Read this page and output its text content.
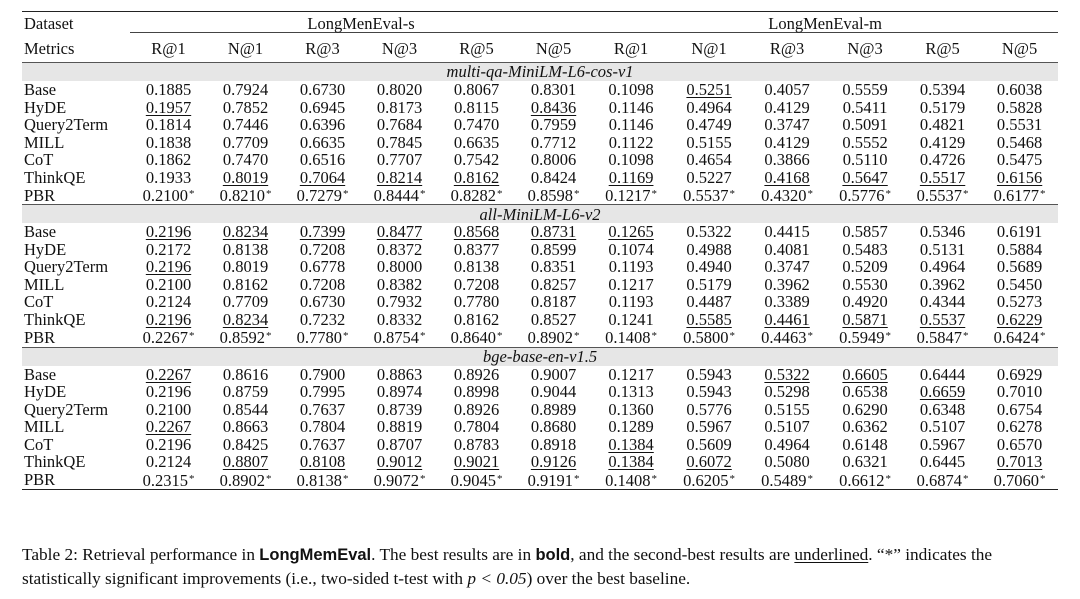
Dataset	LongMenEval-s						LongMenEval-m					
Metrics	R@1	N@1	R@3	N@3	R@5	N@5	R@1	N@1	R@3	N@3	R@5	N@5
multi-qa-MiniLM-L6-cos-v1												
Base	0.1885	0.7924	0.6730	0.8020	0.8067	0.8301	0.1098	0.5251	0.4057	0.5559	0.5394	0.6038
HyDE	0.1957	0.7852	0.6945	0.8173	0.8115	0.8436	0.1146	0.4964	0.4129	0.5411	0.5179	0.5828
Query2Term	0.1814	0.7446	0.6396	0.7684	0.7470	0.7959	0.1146	0.4749	0.3747	0.5091	0.4821	0.5531
MILL	0.1838	0.7709	0.6635	0.7845	0.6635	0.7712	0.1122	0.5155	0.4129	0.5552	0.4129	0.5468
CoT	0.1862	0.7470	0.6516	0.7707	0.7542	0.8006	0.1098	0.4654	0.3866	0.5110	0.4726	0.5475
ThinkQE	0.1933	0.8019	0.7064	0.8214	0.8162	0.8424	0.1169	0.5227	0.4168	0.5647	0.5517	0.6156
PBR	0.2100*	0.8210*	0.7279*	0.8444*	0.8282*	0.8598*	0.1217*	0.5537*	0.4320*	0.5776*	0.5537*	0.6177*
all-MiniLM-L6-v2												
Base	0.2196	0.8234	0.7399	0.8477	0.8568	0.8731	0.1265	0.5322	0.4415	0.5857	0.5346	0.6191
HyDE	0.2172	0.8138	0.7208	0.8372	0.8377	0.8599	0.1074	0.4988	0.4081	0.5483	0.5131	0.5884
Query2Term	0.2196	0.8019	0.6778	0.8000	0.8138	0.8351	0.1193	0.4940	0.3747	0.5209	0.4964	0.5689
MILL	0.2100	0.8162	0.7208	0.8382	0.7208	0.8257	0.1217	0.5179	0.3962	0.5530	0.3962	0.5450
CoT	0.2124	0.7709	0.6730	0.7932	0.7780	0.8187	0.1193	0.4487	0.3389	0.4920	0.4344	0.5273
ThinkQE	0.2196	0.8234	0.7232	0.8332	0.8162	0.8527	0.1241	0.5585	0.4461	0.5871	0.5537	0.6229
PBR	0.2267*	0.8592*	0.7780*	0.8754*	0.8640*	0.8902*	0.1408*	0.5800*	0.4463*	0.5949*	0.5847*	0.6424*
bge-base-en-v1.5												
Base	0.2267	0.8616	0.7900	0.8863	0.8926	0.9007	0.1217	0.5943	0.5322	0.6605	0.6444	0.6929
HyDE	0.2196	0.8759	0.7995	0.8974	0.8998	0.9044	0.1313	0.5943	0.5298	0.6538	0.6659	0.7010
Query2Term	0.2100	0.8544	0.7637	0.8739	0.8926	0.8989	0.1360	0.5776	0.5155	0.6290	0.6348	0.6754
MILL	0.2267	0.8663	0.7804	0.8819	0.7804	0.8680	0.1289	0.5967	0.5107	0.6362	0.5107	0.6278
CoT	0.2196	0.8425	0.7637	0.8707	0.8783	0.8918	0.1384	0.5609	0.4964	0.6148	0.5967	0.6570
ThinkQE	0.2124	0.8807	0.8108	0.9012	0.9021	0.9126	0.1384	0.6072	0.5080	0.6321	0.6445	0.7013
PBR	0.2315*	0.8902*	0.8138*	0.9072*	0.9045*	0.9191*	0.1408*	0.6205*	0.5489*	0.6612*	0.6874*	0.7060*
Table 2: Retrieval performance in LongMemEval. The best results are in bold, and the second-best results are underlined. “*” indicates the statistically significant improvements (i.e., two-sided t-test with p < 0.05) over the best baseline.
